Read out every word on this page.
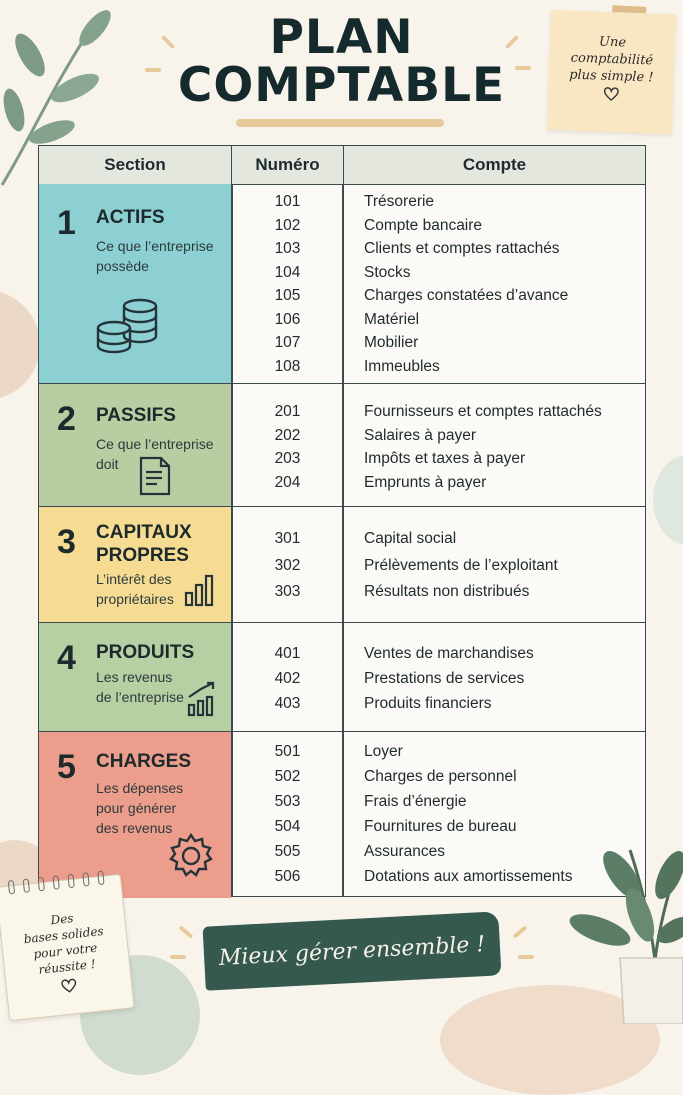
PLAN
COMPTABLE
Une
comptabilité
plus simple !
Section	Numéro	Compte
1 ACTIFS
Ce que l’entreprise
possède
101	Trésorerie
102	Compte bancaire
103	Clients et comptes rattachés
104	Stocks
105	Charges constatées d’avance
106	Matériel
107	Mobilier
108	Immeubles
2 PASSIFS
Ce que l’entreprise
doit
201	Fournisseurs et comptes rattachés
202	Salaires à payer
203	Impôts et taxes à payer
204	Emprunts à payer
3 CAPITAUX
PROPRES
L’intérêt des
propriétaires
301	Capital social
302	Prélèvements de l’exploitant
303	Résultats non distribués
4 PRODUITS
Les revenus
de l’entreprise
401	Ventes de marchandises
402	Prestations de services
403	Produits financiers
5 CHARGES
Les dépenses
pour générer
des revenus
501	Loyer
502	Charges de personnel
503	Frais d’énergie
504	Fournitures de bureau
505	Assurances
506	Dotations aux amortissements
Des
bases solides
pour votre
réussite !	Mieux gérer ensemble !
